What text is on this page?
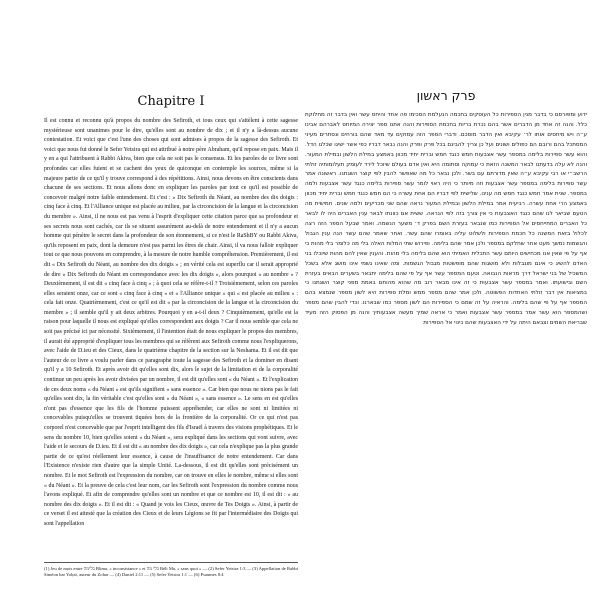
Chapitre I

Il est connu et reconnu qu'à propos du nombre des Sefiroth, et tous ceux qui s'attèlent à cette sagesse mystérieuse sont unanimes pour le dire, qu'elles sont au nombre de dix ; et il n'y a là-dessus aucune contestation. Et voici que c'est l'une des choses qui sont admises à propos de la sagesse des Sefiroth. Et voici que nous fut donné le Sefer Yetsira qui est attribué à notre père Abraham, qu'il repose en paix. Mais il y en a qui l'attribuent à Rabbi Akiva, bien que cela ne soit pas le consensus. Et les paroles de ce livre sont profondes car elles fuient et se cachent des yeux de quiconque en contemple les sources, même si la majeure partie de ce qu'il y trouve correspond à des répétitions. Ainsi, nous devons en être conscients dans chacune de ses sections. Et nous allons donc en expliquer les paroles par tout ce qu'il est possible de concevoir malgré notre faible entendement. Et c'est : « Dix Sefiroth du Néant, au nombre des dix doigts : cinq face à cinq. Et l'Alliance unique est placée au milieu, par la circoncision de la langue et la circoncision du membre ». Ainsi, il ne nous est pas venu à l'esprit d'expliquer cette citation parce que sa profondeur et ses secrets nous sont cachés, car ils se situent assurément au-delà de notre entendement et il n'y a aucun homme qui pénètre le secret dans la profondeur de son étonnement, si ce n'est le RaShBY ou Rabbi Akiva, qu'ils reposent en paix, dont la demeure n'est pas parmi les êtres de chair. Ainsi, il va nous falloir expliquer tout ce que nous pouvons en comprendre, à la mesure de notre humble compréhension. Premièrement, il est dit « Dix Sefiroth du Néant, au nombre des dix doigts » ; en vérité cela est superflu car il serait approprié de dire « Dix Sefiroth du Néant en correspondance avec les dix doigts », alors pourquoi « au nombre » ? Deuxièmement, il est dit « cinq face à cinq » ; à quoi cela se réfère-t-il ? Troisièmement, selon ces paroles elles seraient onze, car ce sont « cinq face à cinq » et « l'Alliance unique » qui « est placée au milieu » : cela fait onze. Quatrièmement, c'est ce qu'il est dit « par la circoncision de la langue et la circoncision du membre » ; il semble qu'il y ait deux arbitres. Pourquoi y en a-t-il deux ? Cinquièmement, qu'elle est la raison pour laquelle il nous est expliqué qu'elles correspondent aux doigts ? Car il nous semble que cela ne soit pas précisé ici par nécessité. Sixièmement, il l'intention était de nous expliquer le propos des membres, il aurait été approprié d'expliquer tous les membres qui se réfèrent aux Sefiroth comme nous l'expliquerons, avec l'aide de D.ieu et des Cieux, dans le quatrième chapitre de la section sur la Neshama. Et il est dit que l'auteur de ce livre a voulu parler dans ce paragraphe toute la sagesse des Sefiroth et la dominer en disant qu'il y a 10 Sefiroth. Et après avoir dit qu'elles sont dix, alors le sujet de la limitation et de la corporalité continue un peu après les avoir divisées par un nombre, il est dit qu'elles sont « du Néant ». Et l'explication de ces deux noms « du Néant » est qu'ils signifient « sans essence ». Car bien que nous ne nions pas le fait qu'elles sont dix, la fin véritable c'est qu'elles sont « du Néant », « sans essence ». Le sens en est qu'elles n'ont pas d'essence que les fils de l'homme puissent appréhender, car elles ne sont ni limitées ni concevables puisqu'elles se trouvent tiquées hors de la frontière de la corporalité. Or ce qui n'est pas corporel n'est concevable que par l'esprit intelligent des fils d'Israël à travers des visions prophétiques. Et le sens du nombre 10, bien qu'elles soient « du Néant », sera expliqué dans les sections qui vont suivre, avec l'aide et le secours de D.ieu. Et il est dit « au nombre des dix doigts », car cela n'explique pas la plus grande partie de ce qu'est réellement leur essence, à cause de l'insuffisance de notre entendement. Car dans l'Existence n'existe rien d'autre que la simple Unité. La-dessous, il est dit qu'elles sont précisément un nombre. Et le mot Sefiroth est l'expression du nombre, car on trouve en elles le nombre, même si elles sont « du Néant ». Et la preuve de cela c'est leur nom, car les Sefiroth sont l'expression du nombre comme nous l'avons expliqué. Et afin de comprendre qu'elles sont un nombre et que ce nombre est 10, il est dit : « au nombre des dix doigts ». Et il est dit : « Quand je vois les Cieux, œuvre de Tes Doigts ». Ainsi, à partir de ce verset il est attesté que la création des Cieux et de leurs Légions se fit par l'intermédiaire des Doigts qui sont l'appellation

פרק ראשון

ידוע ומפורסם כי בדבר מנין הספירות כל העוסקים בחכמה הנעלמת הסכימו פה אחד והיחס עשר ואין בדבר זה מחלוקת כלל. והנה זה אחד מן הדברים אשר בהם נכרת בריות בחכמת הספירות והנה אתנו ספר יצירה המיוחס לאברהם אבינו ע״ה ויש מיחסים אותו לר׳ עקיבא ואין הדבר מוסכם. ודברי הספר הזה עמוקים עד מאד שהם בורחים ונסתרים מעיני המסתכל בהם ורובם הם כפולים ושונים ועל כן צריך להבינם בכל פרק ופרק והנה נבאר דבריו כפי אשר ישיגו שכלנו הדל. והוא עשר ספירות בלימה במספר עשר אצבעות חמש כנגד חמש וברית יחיד מכוון באמצע במילת הלשון ובמילת המעור. והנה לא עלה בדעתנו לבאר המשנה הזאת כי עמוקה וסתומה היא ואין אדם בעולם שיוכל לירד לעומק תעלומותיה זולתי הרשב״י או רבי עקיבא ע״ה שאין מדורתם עם בשר. ולכן נבאר כל מה שאפשר להבין לפי קוצר השגתנו. ראשונה אמר עשר ספירות בלימה במספר עשר אצבעות וזה מיותר כי היה ראוי לומר עשר ספירות בלימה כנגד עשר אצבעות ולמה במספר. שנית אמר חמש כנגד חמש מה ענינו. שלישית לפי דבריו הם אחת עשרה כי הם חמש כנגד חמש וברית יחיד מכוון באמצע הרי אחת עשרה. רביעית אמר במילת הלשון ובמילת המעור נראה שהם שני מכריעים ולמה שנים. חמישית מה הטעם שביאר לנו שהם כנגד האצבעות כי אין צורך בזה לפי הנראה. ששית אם כוונתו לבאר ענין האברים היה לו לבאר כל האברים המתייחסים אל הספירות כמו שנבאר בעזרת השם בפרק ד׳ משער הנשמה. ואמר שבעל הספר הזה רצה לכלול בזאת המשנה כל חכמת הספירות ולשלוט עליה באומרו שהם עשר. ואחר שאמר שהם עשר הנה ענין הגבול והגשמות נמשך מעט אחר שחלקם במספר ולכן אמר שהם בלימה. ופירוש שתי המלות האלה בלי מה כלומר בלי מהות כי אף על פי שאין אנו מכחישים היותם עשר התכלית האמיתי הוא שהם בלימה בלי מהות. והענין שאין להם מהות שיוכלו בני האדם להשיג כי אינם מוגבלות ולא מושגות שהם מופשטות מגבול הגשמות. ומה שאינו גשמי אינו מושג אלא בשכל המשכיל של בני ישראל דרך מראות הנבואה. וטעם המספר עשר אף על פי שהם בלימה יתבאר בשערים הבאים בעזרת השם ובישועתו. ואמר במספר עשר אצבעות כי זה אינו מבאר רוב מה שהוא מהותם באמת מפני קוצר השגתנו כי במציאות אין דבר זולתי האחדות הפשוטה. ולכן אמר שהם מספר ממש ומלת ספירות היא לשון מספר שנמצא בהם המספר אף על פי שהם בלימה. והראיה על זה שמם כי הספירות הם לשון מספר כמו שבארנו. וכדי להבין שהם מספר ושהמספר הוא עשר אמר במספר עשר אצבעות ואמר כי אראה שמיך מעשה אצבעותיך והנה מן הפסוק הזה מעיד שבריאת השמים וצבאם היתה על ידי האצבעות שהם כינוי אל הספירות

(1) Jeu de mots entre בלימה Blima, « inconsistance » et בלי מה Béli Ma, « sans quoi » — (2) Sefer Yetsira 1:3 — (3) Appellation de Rabbi Siméon bar Yoḥaï, auteur du Zohar — (4) Daniel 2:11 — (5) Sefer Yetsira 1:1 — (6) Psaumes 8:4
